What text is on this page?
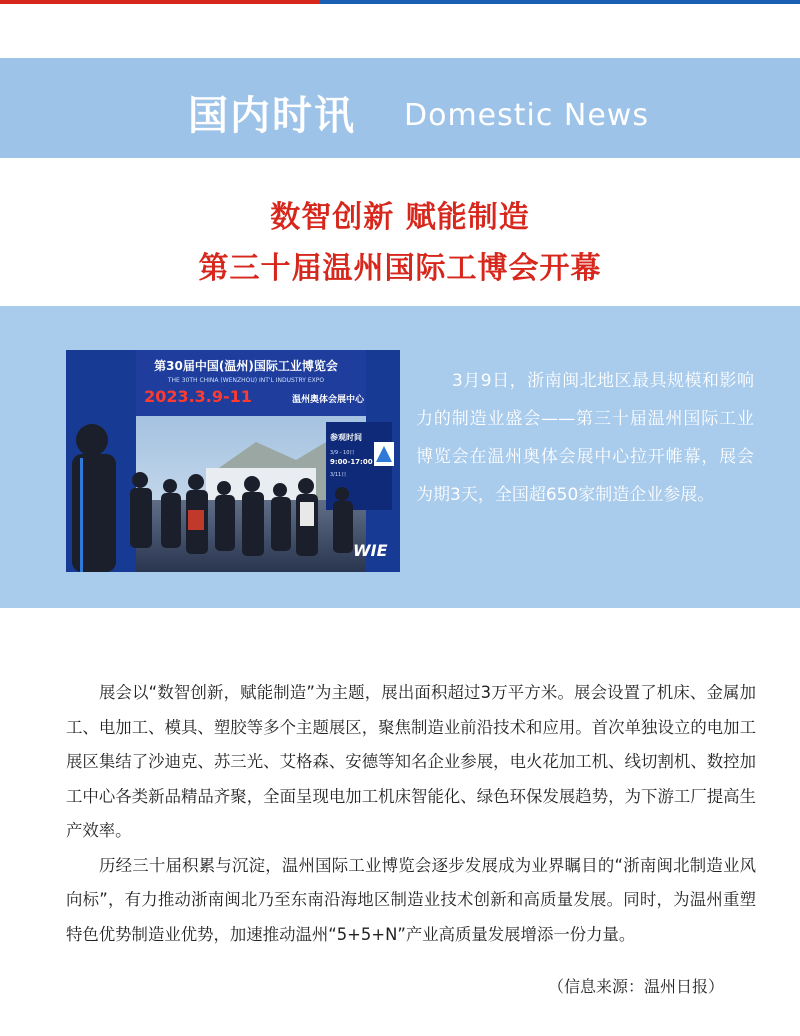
国内时讯 Domestic News
数智创新 赋能制造
第三十届温州国际工博会开幕
第30届中国(温州)国际工业博览会
THE 30TH CHINA (WENZHOU) INT'L INDUSTRY EXPO
2023.3.9-11	温州奥体会展中心
参观时间
3/9 - 10日
9:00-17:00
3/11日
WIE
3月9日，浙南闽北地区最具规模和影响力的制造业盛会——第三十届温州国际工业博览会在温州奥体会展中心拉开帷幕，展会为期3天，全国超650家制造企业参展。

展会以“数智创新，赋能制造”为主题，展出面积超过3万平方米。展会设置了机床、金属加工、电加工、模具、塑胶等多个主题展区，聚焦制造业前沿技术和应用。首次单独设立的电加工展区集结了沙迪克、苏三光、艾格森、安德等知名企业参展，电火花加工机、线切割机、数控加工中心各类新品精品齐聚，全面呈现电加工机床智能化、绿色环保发展趋势，为下游工厂提高生产效率。

历经三十届积累与沉淀，温州国际工业博览会逐步发展成为业界瞩目的“浙南闽北制造业风向标”，有力推动浙南闽北乃至东南沿海地区制造业技术创新和高质量发展。同时，为温州重塑特色优势制造业优势，加速推动温州“5+5+N”产业高质量发展增添一份力量。

（信息来源：温州日报）
